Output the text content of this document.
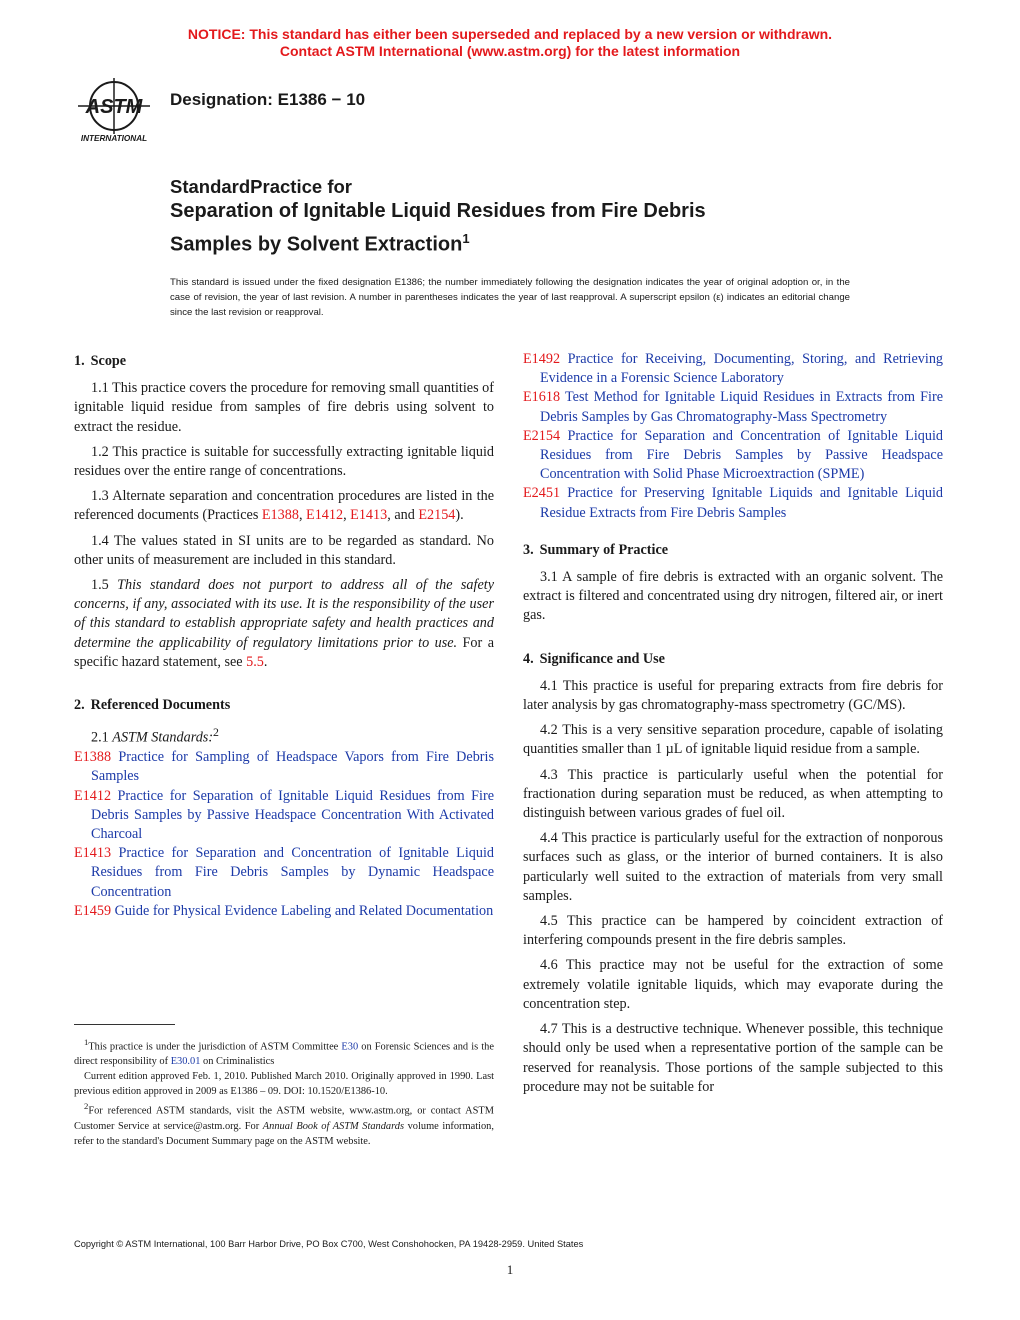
NOTICE: This standard has either been superseded and replaced by a new version or withdrawn.
Contact ASTM International (www.astm.org) for the latest information
ASTM
INTERNATIONAL
Designation: E1386 − 10
StandardPractice for
Separation of Ignitable Liquid Residues from Fire Debris
Samples by Solvent Extraction$^1$
This standard is issued under the fixed designation E1386; the number immediately following the designation indicates the year of original adoption or, in the case of revision, the year of last revision. A number in parentheses indicates the year of last reapproval. A superscript epsilon (ε) indicates an editorial change since the last revision or reapproval.
1. Scope

1.1 This practice covers the procedure for removing small quantities of ignitable liquid residue from samples of fire debris using solvent to extract the residue.

1.2 This practice is suitable for successfully extracting ignitable liquid residues over the entire range of concentrations.

1.3 Alternate separation and concentration procedures are listed in the referenced documents (Practices E1388, E1412, E1413, and E2154).

1.4 The values stated in SI units are to be regarded as standard. No other units of measurement are included in this standard.

1.5 This standard does not purport to address all of the safety concerns, if any, associated with its use. It is the responsibility of the user of this standard to establish appropriate safety and health practices and determine the applicability of regulatory limitations prior to use. For a specific hazard statement, see 5.5.

2. Referenced Documents

2.1 ASTM Standards:$^2$

E1388 Practice for Sampling of Headspace Vapors from Fire Debris Samples

E1412 Practice for Separation of Ignitable Liquid Residues from Fire Debris Samples by Passive Headspace Concentration With Activated Charcoal

E1413 Practice for Separation and Concentration of Ignitable Liquid Residues from Fire Debris Samples by Dynamic Headspace Concentration

E1459 Guide for Physical Evidence Labeling and Related Documentation

E1492 Practice for Receiving, Documenting, Storing, and Retrieving Evidence in a Forensic Science Laboratory

E1618 Test Method for Ignitable Liquid Residues in Extracts from Fire Debris Samples by Gas Chromatography-Mass Spectrometry

E2154 Practice for Separation and Concentration of Ignitable Liquid Residues from Fire Debris Samples by Passive Headspace Concentration with Solid Phase Microextraction (SPME)

E2451 Practice for Preserving Ignitable Liquids and Ignitable Liquid Residue Extracts from Fire Debris Samples

3. Summary of Practice

3.1 A sample of fire debris is extracted with an organic solvent. The extract is filtered and concentrated using dry nitrogen, filtered air, or inert gas.

4. Significance and Use

4.1 This practice is useful for preparing extracts from fire debris for later analysis by gas chromatography-mass spectrometry (GC/MS).

4.2 This is a very sensitive separation procedure, capable of isolating quantities smaller than 1 µL of ignitable liquid residue from a sample.

4.3 This practice is particularly useful when the potential for fractionation during separation must be reduced, as when attempting to distinguish between various grades of fuel oil.

4.4 This practice is particularly useful for the extraction of nonporous surfaces such as glass, or the interior of burned containers. It is also particularly well suited to the extraction of materials from very small samples.

4.5 This practice can be hampered by coincident extraction of interfering compounds present in the fire debris samples.

4.6 This practice may not be useful for the extraction of some extremely volatile ignitable liquids, which may evaporate during the concentration step.

4.7 This is a destructive technique. Whenever possible, this technique should only be used when a representative portion of the sample can be reserved for reanalysis. Those portions of the sample subjected to this procedure may not be suitable for

$^1$This practice is under the jurisdiction of ASTM Committee E30 on Forensic Sciences and is the direct responsibility of E30.01 on Criminalistics

Current edition approved Feb. 1, 2010. Published March 2010. Originally approved in 1990. Last previous edition approved in 2009 as E1386 – 09. DOI: 10.1520/E1386-10.

$^2$For referenced ASTM standards, visit the ASTM website, www.astm.org, or contact ASTM Customer Service at service@astm.org. For Annual Book of ASTM Standards volume information, refer to the standard's Document Summary page on the ASTM website.

Copyright © ASTM International, 100 Barr Harbor Drive, PO Box C700, West Conshohocken, PA 19428-2959. United States
1
